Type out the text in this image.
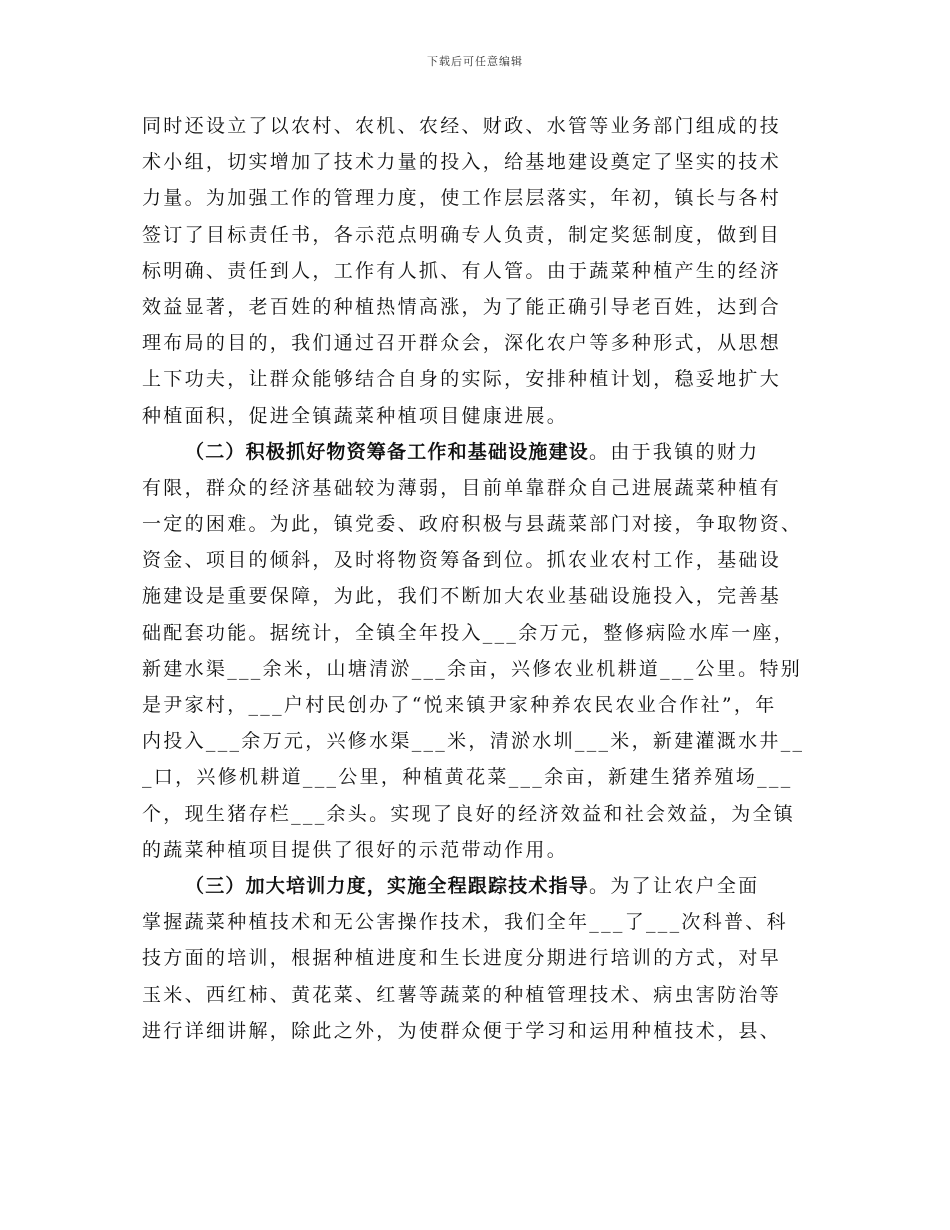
下载后可任意编辑
同时还设立了以农村、农机、农经、财政、水管等业务部门组成的技
术小组，切实增加了技术力量的投入，给基地建设奠定了坚实的技术
力量。为加强工作的管理力度，使工作层层落实，年初，镇长与各村
签订了目标责任书，各示范点明确专人负责，制定奖惩制度，做到目
标明确、责任到人，工作有人抓、有人管。由于蔬菜种植产生的经济
效益显著，老百姓的种植热情高涨，为了能正确引导老百姓，达到合
理布局的目的，我们通过召开群众会，深化农户等多种形式，从思想
上下功夫，让群众能够结合自身的实际，安排种植计划，稳妥地扩大
种植面积，促进全镇蔬菜种植项目健康进展。
（二）积极抓好物资筹备工作和基础设施建设。由于我镇的财力
有限，群众的经济基础较为薄弱，目前单靠群众自己进展蔬菜种植有
一定的困难。为此，镇党委、政府积极与县蔬菜部门对接，争取物资、
资金、项目的倾斜，及时将物资筹备到位。抓农业农村工作，基础设
施建设是重要保障，为此，我们不断加大农业基础设施投入，完善基
础配套功能。据统计，全镇全年投入___余万元，整修病险水库一座，
新建水渠___余米，山塘清淤___余亩，兴修农业机耕道___公里。特别
是尹家村，___户村民创办了“悦来镇尹家种养农民农业合作社”，年
内投入___余万元，兴修水渠___米，清淤水圳___米，新建灌溉水井__
_口，兴修机耕道___公里，种植黄花菜___余亩，新建生猪养殖场___
个，现生猪存栏___余头。实现了良好的经济效益和社会效益，为全镇
的蔬菜种植项目提供了很好的示范带动作用。
（三）加大培训力度，实施全程跟踪技术指导。为了让农户全面
掌握蔬菜种植技术和无公害操作技术，我们全年___了___次科普、科
技方面的培训，根据种植进度和生长进度分期进行培训的方式，对早
玉米、西红柿、黄花菜、红薯等蔬菜的种植管理技术、病虫害防治等
进行详细讲解，除此之外，为使群众便于学习和运用种植技术，县、
